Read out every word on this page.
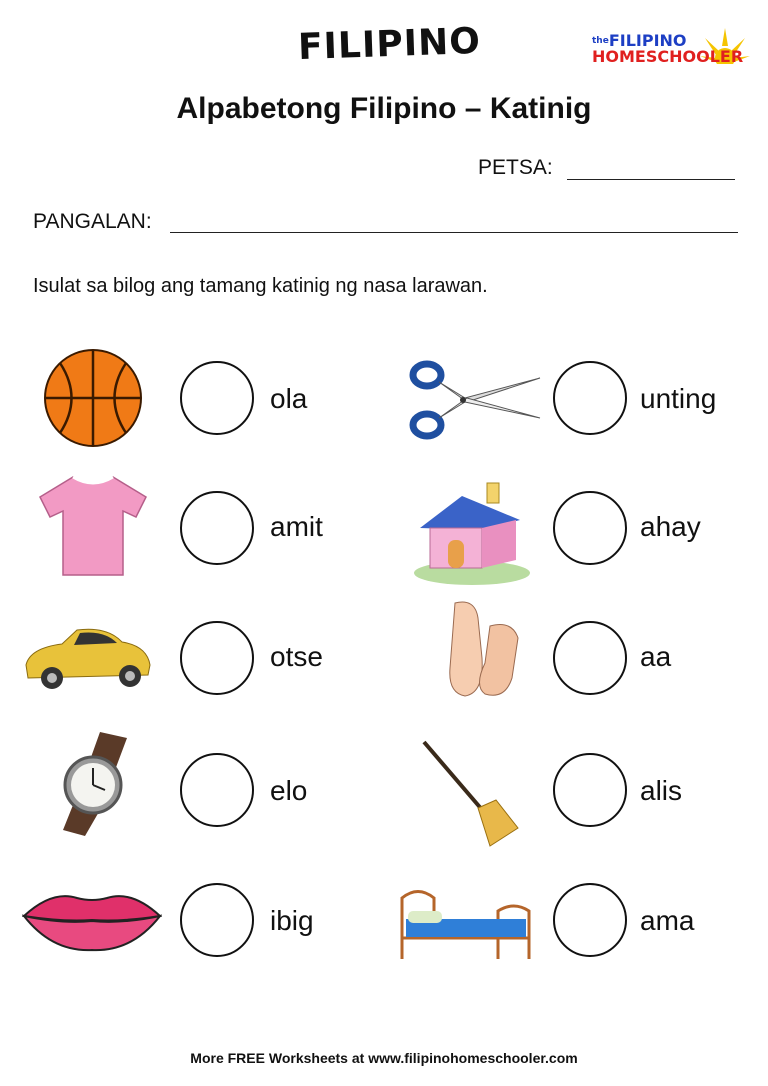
FILIPINO	$^{the}$FILIPINO
HOMESCHOOLER
Alpabetong Filipino – Katinig
PETSA:
PANGALAN:
Isulat sa bilog ang tamang katinig ng nasa larawan.
ola	unting
amit	ahay
otse	aa
elo	alis
ibig	ama
More FREE Worksheets at www.filipinohomeschooler.com
